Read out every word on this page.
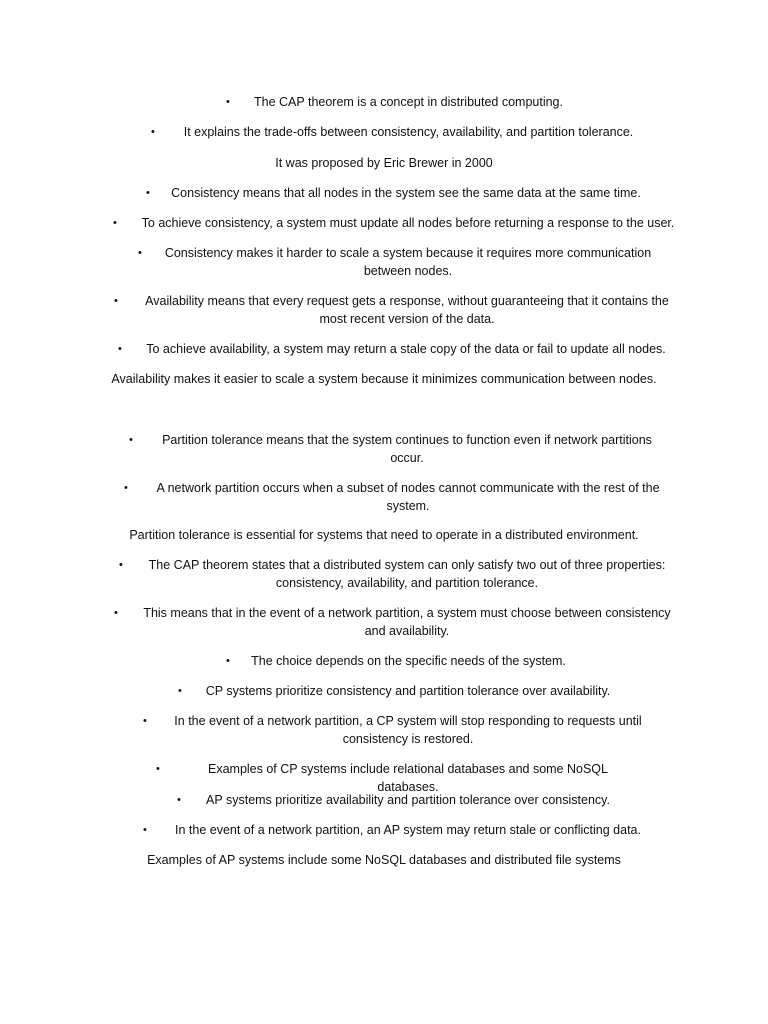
•	The CAP theorem is a concept in distributed computing.
•	It explains the trade-offs between consistency, availability, and partition tolerance.
It was proposed by Eric Brewer in 2000
•	Consistency means that all nodes in the system see the same data at the same time.
•	To achieve consistency, a system must update all nodes before returning a response to the user.
•	Consistency makes it harder to scale a system because it requires more communication between nodes.
•	Availability means that every request gets a response, without guaranteeing that it contains the most recent version of the data.
•	To achieve availability, a system may return a stale copy of the data or fail to update all nodes.
Availability makes it easier to scale a system because it minimizes communication between nodes.
•	Partition tolerance means that the system continues to function even if network partitions occur.
•	A network partition occurs when a subset of nodes cannot communicate with the rest of the system.
Partition tolerance is essential for systems that need to operate in a distributed environment.
•	The CAP theorem states that a distributed system can only satisfy two out of three properties: consistency, availability, and partition tolerance.
•	This means that in the event of a network partition, a system must choose between consistency and availability.
•	The choice depends on the specific needs of the system.
•	CP systems prioritize consistency and partition tolerance over availability.
•	In the event of a network partition, a CP system will stop responding to requests until consistency is restored.
•	Examples of CP systems include relational databases and some NoSQL databases.
•	AP systems prioritize availability and partition tolerance over consistency.
•	In the event of a network partition, an AP system may return stale or conflicting data.
Examples of AP systems include some NoSQL databases and distributed file systems
